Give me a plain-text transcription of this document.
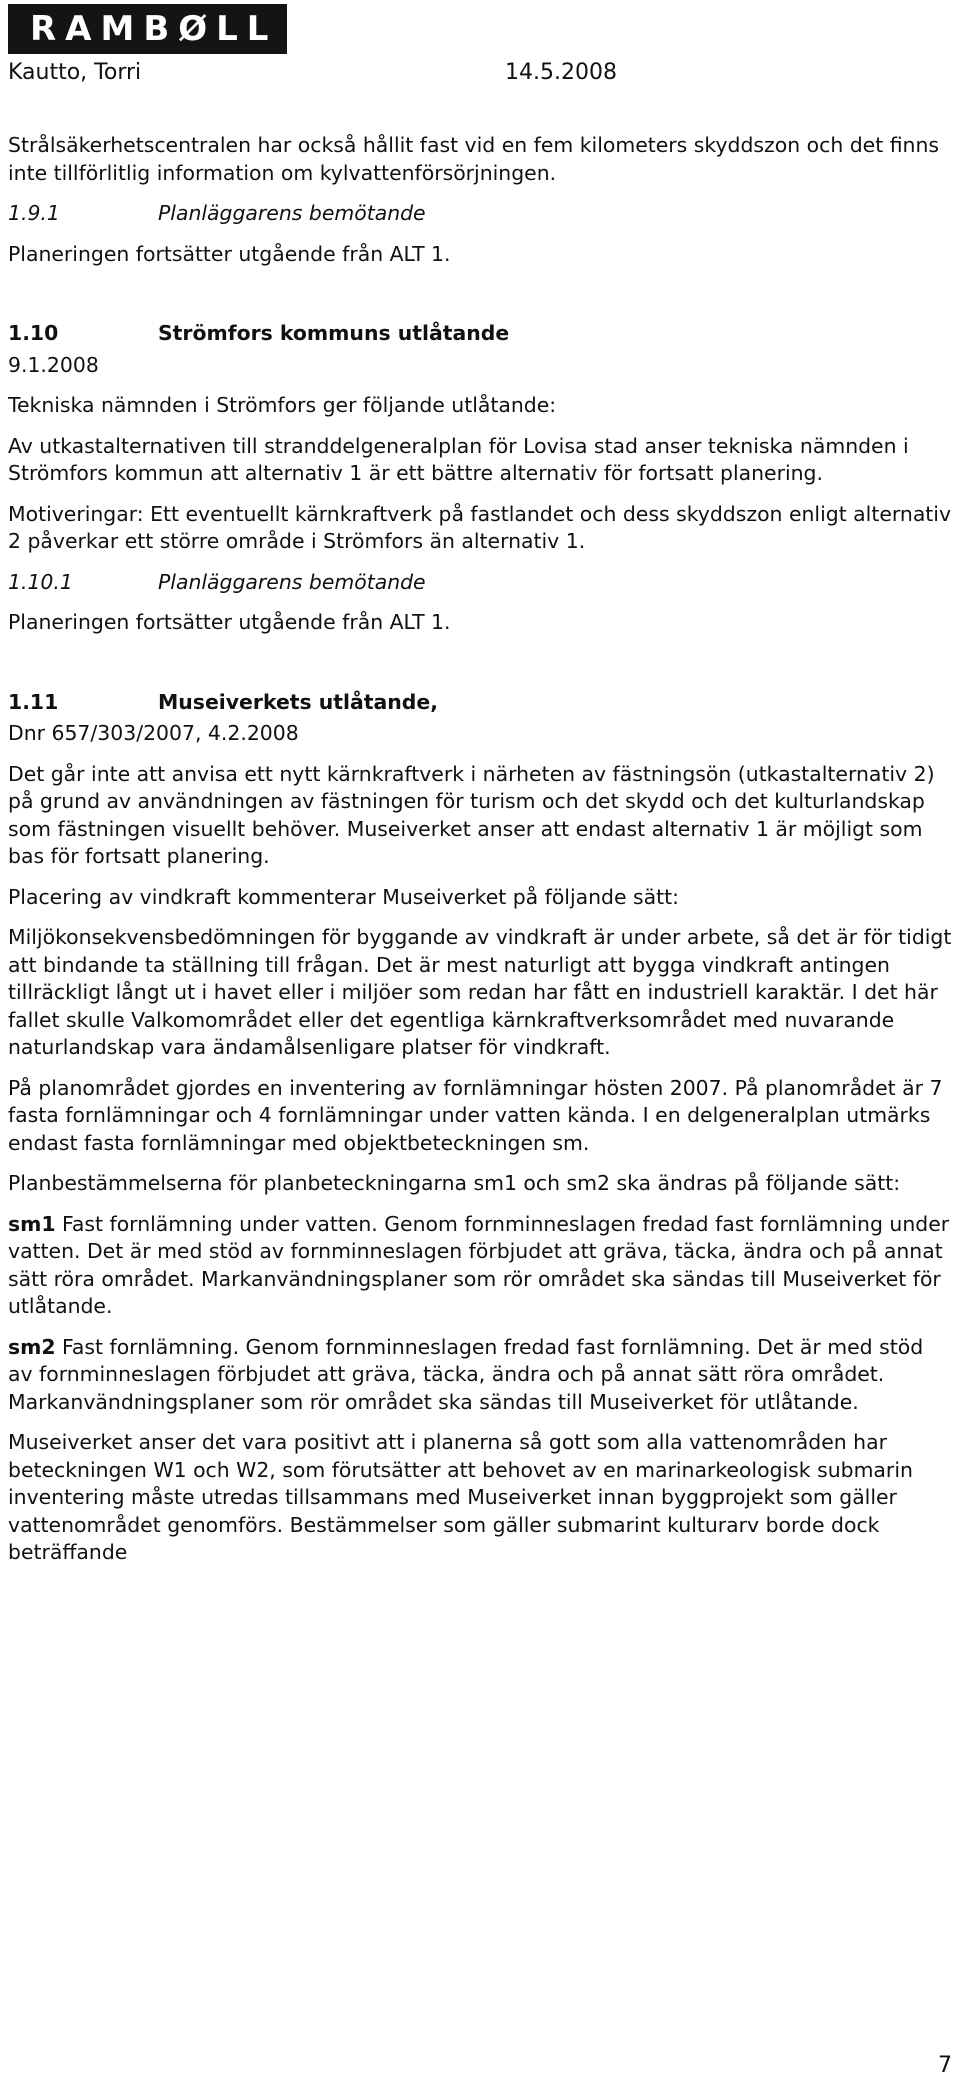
RAMBØLL
Kautto, Torri	14.5.2008

Strålsäkerhetscentralen har också hållit fast vid en fem kilometers skyddszon och det finns inte tillförlitlig information om kylvattenförsörjningen.

1.9.1	Planläggarens bemötande

Planeringen fortsätter utgående från ALT 1.

1.10	Strömfors kommuns utlåtande

9.1.2008

Tekniska nämnden i Strömfors ger följande utlåtande:

Av utkastalternativen till stranddelgeneralplan för Lovisa stad anser tekniska nämnden i Strömfors kommun att alternativ 1 är ett bättre alternativ för fortsatt planering.

Motiveringar: Ett eventuellt kärnkraftverk på fastlandet och dess skyddszon enligt alternativ 2 påverkar ett större område i Strömfors än alternativ 1.

1.10.1	Planläggarens bemötande

Planeringen fortsätter utgående från ALT 1.

1.11	Museiverkets utlåtande,

Dnr 657/303/2007, 4.2.2008

Det går inte att anvisa ett nytt kärnkraftverk i närheten av fästningsön (utkastalternativ 2) på grund av användningen av fästningen för turism och det skydd och det kulturlandskap som fästningen visuellt behöver. Museiverket anser att endast alternativ 1 är möjligt som bas för fortsatt planering.

Placering av vindkraft kommenterar Museiverket på följande sätt:

Miljökonsekvensbedömningen för byggande av vindkraft är under arbete, så det är för tidigt att bindande ta ställning till frågan. Det är mest naturligt att bygga vindkraft antingen tillräckligt långt ut i havet eller i miljöer som redan har fått en industriell karaktär. I det här fallet skulle Valkomområdet eller det egentliga kärnkraftverksområdet med nuvarande naturlandskap vara ändamålsenligare platser för vindkraft.

På planområdet gjordes en inventering av fornlämningar hösten 2007. På planområdet är 7 fasta fornlämningar och 4 fornlämningar under vatten kända. I en delgeneralplan utmärks endast fasta fornlämningar med objektbeteckningen sm.

Planbestämmelserna för planbeteckningarna sm1 och sm2 ska ändras på följande sätt:

sm1 Fast fornlämning under vatten. Genom fornminneslagen fredad fast fornlämning under vatten. Det är med stöd av fornminneslagen förbjudet att gräva, täcka, ändra och på annat sätt röra området. Markanvändningsplaner som rör området ska sändas till Museiverket för utlåtande.

sm2 Fast fornlämning. Genom fornminneslagen fredad fast fornlämning. Det är med stöd av fornminneslagen förbjudet att gräva, täcka, ändra och på annat sätt röra området. Markanvändningsplaner som rör området ska sändas till Museiverket för utlåtande.

Museiverket anser det vara positivt att i planerna så gott som alla vattenområden har beteckningen W1 och W2, som förutsätter att behovet av en marinarkeologisk submarin inventering måste utredas tillsammans med Museiverket innan byggprojekt som gäller vattenområdet genomförs. Bestämmelser som gäller submarint kulturarv borde dock beträffande

7
